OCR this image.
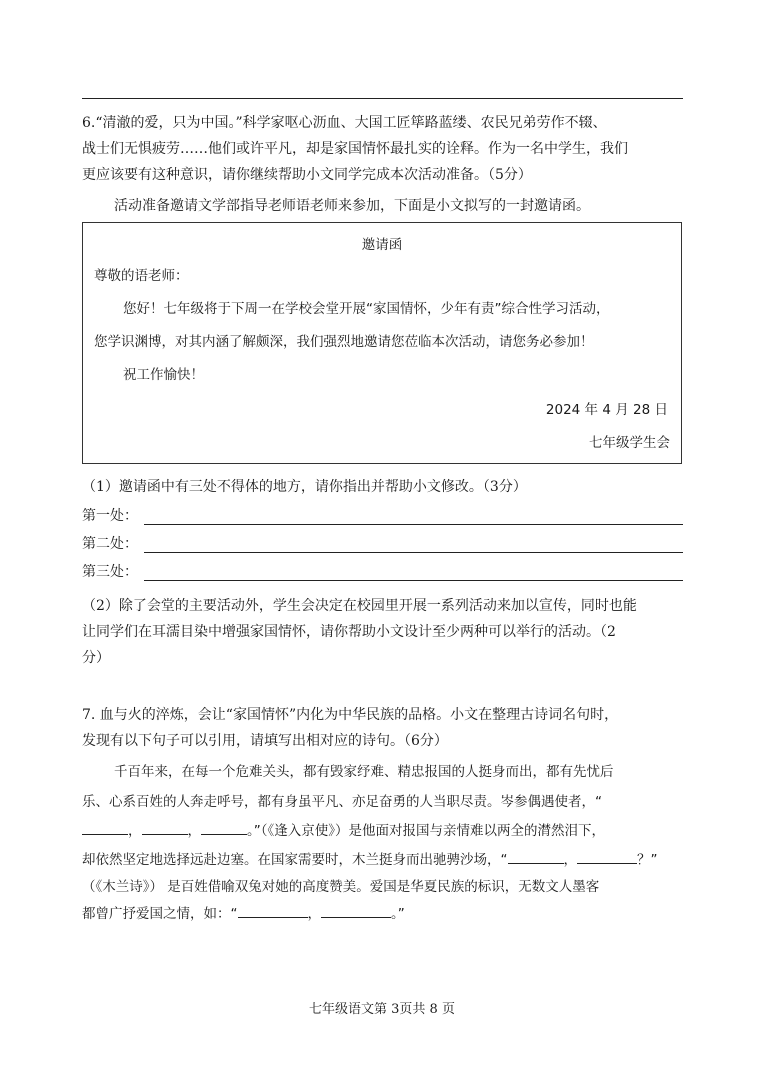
6.“清澈的爱，只为中国。”科学家呕心沥血、大国工匠筚路蓝缕、农民兄弟劳作不辍、
战士们无惧疲劳……他们或许平凡，却是家国情怀最扎实的诠释。作为一名中学生，我们
更应该要有这种意识，请你继续帮助小文同学完成本次活动准备。（5分）
活动准备邀请文学部指导老师语老师来参加，下面是小文拟写的一封邀请函。
邀请函
尊敬的语老师：
您好！七年级将于下周一在学校会堂开展“家国情怀，少年有责”综合性学习活动，
您学识渊博，对其内涵了解颇深，我们强烈地邀请您莅临本次活动，请您务必参加！
祝工作愉快！
2024 年 4 月 28 日
七年级学生会
（1）邀请函中有三处不得体的地方，请你指出并帮助小文修改。（3分）
第一处：
第二处：
第三处：
（2）除了会堂的主要活动外，学生会决定在校园里开展一系列活动来加以宣传，同时也能
让同学们在耳濡目染中增强家国情怀，请你帮助小文设计至少两种可以举行的活动。（2
分）
7. 血与火的淬炼，会让“家国情怀”内化为中华民族的品格。小文在整理古诗词名句时，
发现有以下句子可以引用，请填写出相对应的诗句。（6分）
千百年来，在每一个危难关头，都有毁家纾难、精忠报国的人挺身而出，都有先忧后
乐、心系百姓的人奔走呼号，都有身虽平凡、亦足奋勇的人当职尽责。岑参偶遇使者，“
，	，	。”（《逢入京使》）是他面对报国与亲情难以两全的潸然泪下，
却依然坚定地选择远赴边塞。在国家需要时，木兰挺身而出驰骋沙场，“	，	？”
（《木兰诗》） 是百姓借喻双兔对她的高度赞美。爱国是华夏民族的标识，无数文人墨客
都曾广抒爱国之情，如：“	，	。”
七年级语文第 3页共 8 页
